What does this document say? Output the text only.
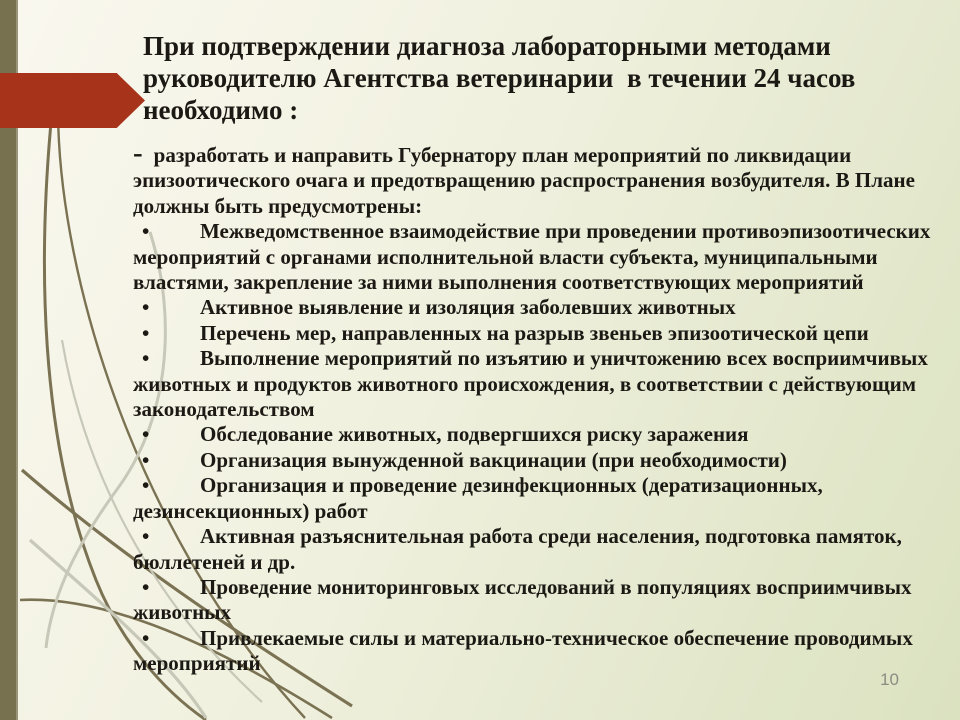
При подтверждении диагноза лабораторными методами
руководителю Агентства ветеринарии  в течении 24 часов
необходимо :

- разработать и направить Губернатору план мероприятий по ликвидации эпизоотического очага и предотвращению распространения возбудителя. В Плане должны быть предусмотрены:

• Межведомственное взаимодействие при проведении противоэпизоотических мероприятий с органами исполнительной власти субъекта, муниципальными властями, закрепление за ними выполнения соответствующих мероприятий

• Активное выявление и изоляция заболевших животных

• Перечень мер, направленных на разрыв звеньев эпизоотической цепи

• Выполнение мероприятий по изъятию и уничтожению всех восприимчивых животных и продуктов животного происхождения, в соответствии с действующим законодательством

• Обследование животных, подвергшихся риску заражения

• Организация вынужденной вакцинации (при необходимости)

• Организация и проведение дезинфекционных (дератизационных, дезинсекционных) работ

• Активная разъяснительная работа среди населения, подготовка памяток, бюллетеней и др.

• Проведение мониторинговых исследований в популяциях восприимчивых животных

• Привлекаемые силы и материально-техническое обеспечение проводимых мероприятий

10
